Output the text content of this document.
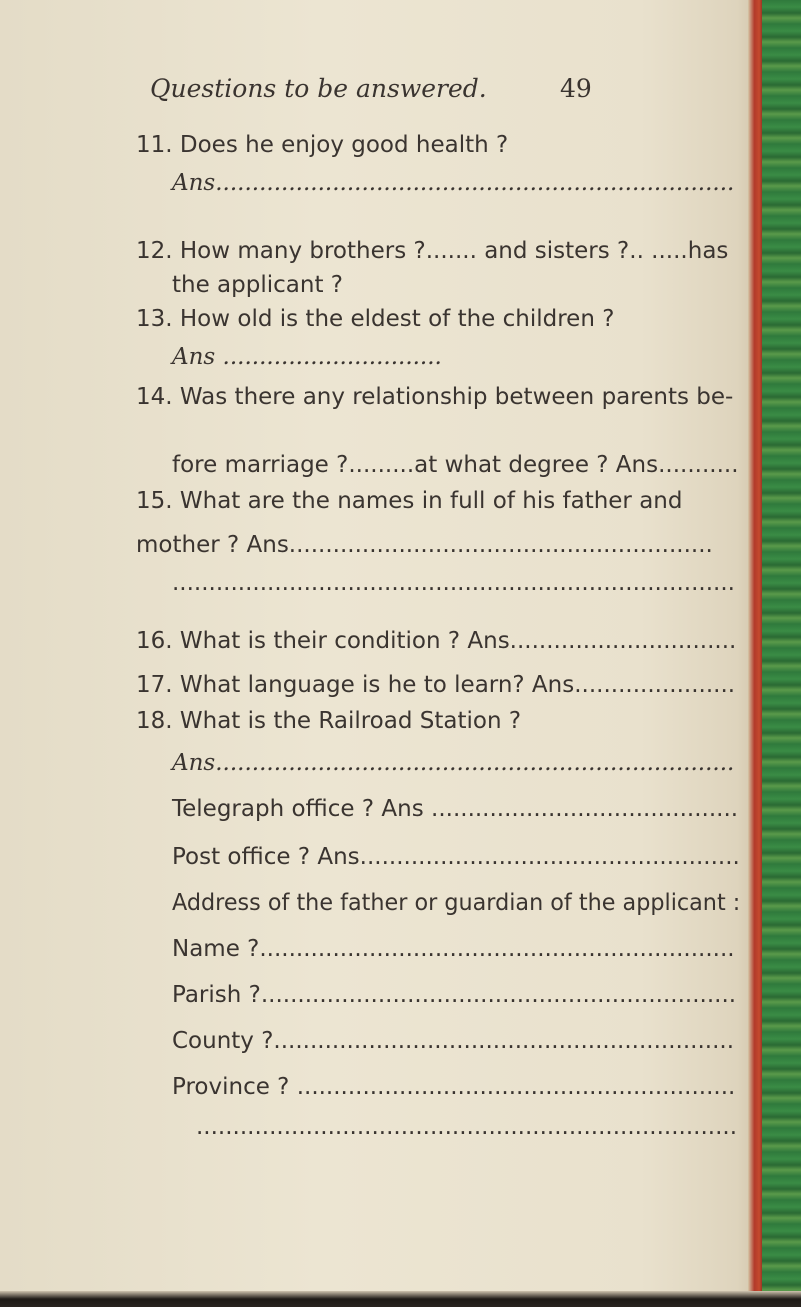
Questions to be answered.	49
11. Does he enjoy good health ?
Ans.......................................................................
12. How many brothers ?....... and sisters ?.. .....has
the applicant ?
13. How old is the eldest of the children ?
Ans ..............................
14. Was there any relationship between parents be-
fore marriage ?.........at what degree ? Ans...........
15. What are the names in full of his father and
mother ? Ans..........................................................
.............................................................................
16. What is their condition ? Ans...............................
17. What language is he to learn? Ans......................
18. What is the Railroad Station ?
Ans.......................................................................
Telegraph office ? Ans ..........................................
Post office ? Ans....................................................
Address of the father or guardian of the applicant :
Name ?.................................................................
Parish ?.................................................................
County ?...............................................................
Province ? ............................................................
..........................................................................
